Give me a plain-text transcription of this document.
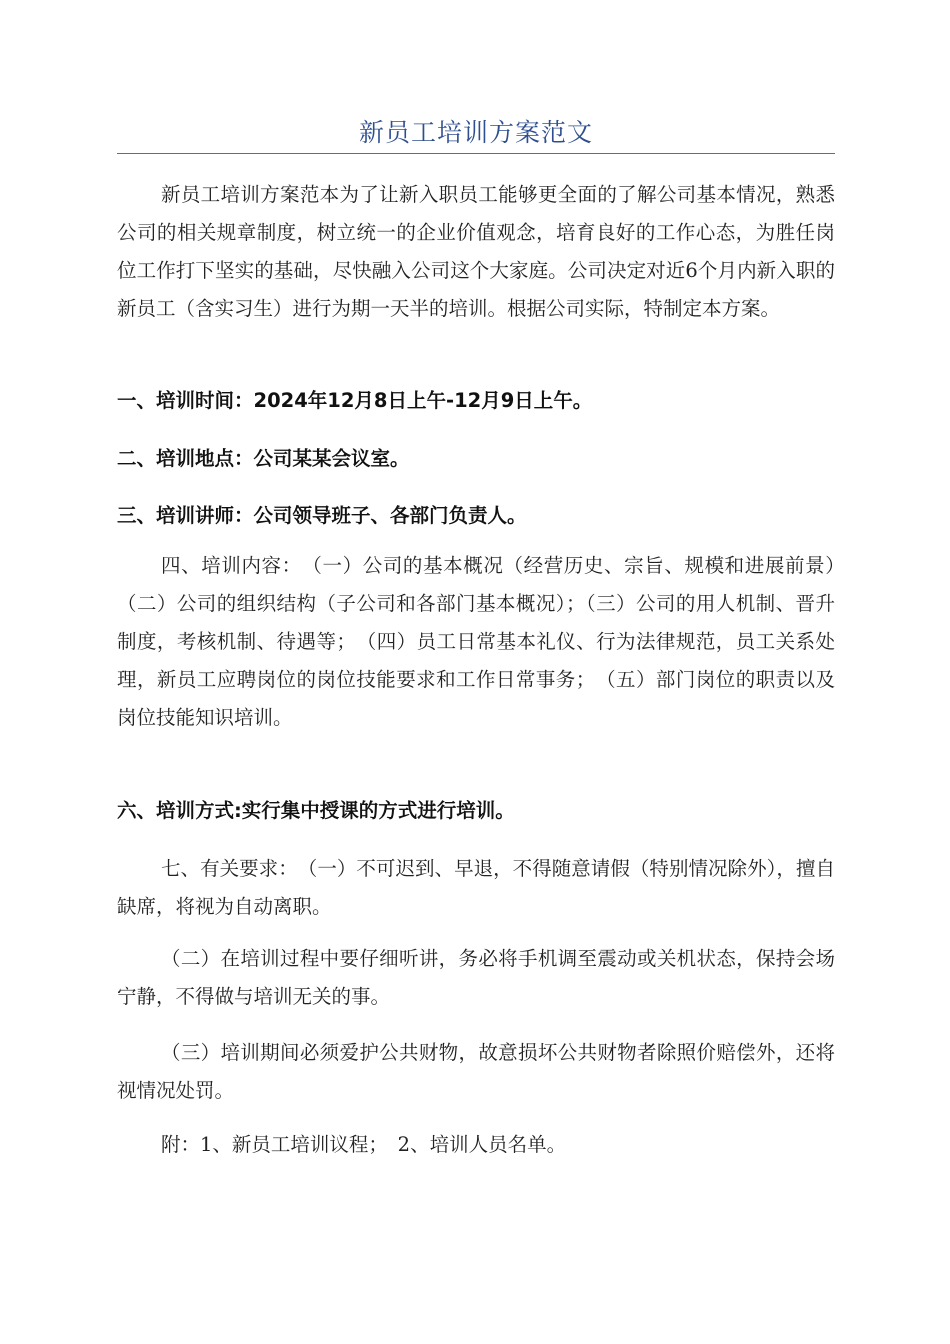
新员工培训方案范文

新员工培训方案范本为了让新入职员工能够更全面的了解公司基本情况，熟悉公司的相关规章制度，树立统一的企业价值观念，培育良好的工作心态，为胜任岗位工作打下坚实的基础，尽快融入公司这个大家庭。公司决定对近6个月内新入职的新员工（含实习生）进行为期一天半的培训。根据公司实际，特制定本方案。

一、培训时间：2024年12月8日上午-12月9日上午。

二、培训地点：公司某某会议室。

三、培训讲师：公司领导班子、各部门负责人。

四、培训内容：　（一）公司的基本概况（经营历史、宗旨、规模和进展前景）　（二）公司的组织结构（子公司和各部门基本概况）；（三）公司的用人机制、晋升制度，考核机制、待遇等；　（四）员工日常基本礼仪、行为法律规范，员工关系处理，新员工应聘岗位的岗位技能要求和工作日常事务；　（五）部门岗位的职责以及岗位技能知识培训。

六、培训方式:实行集中授课的方式进行培训。

七、有关要求：　（一）不可迟到、早退，不得随意请假（特别情况除外），擅自缺席，将视为自动离职。

（二）在培训过程中要仔细听讲，务必将手机调至震动或关机状态，保持会场宁静，不得做与培训无关的事。

（三）培训期间必须爱护公共财物，故意损坏公共财物者除照价赔偿外，还将视情况处罚。

附：1、新员工培训议程；　2、培训人员名单。
